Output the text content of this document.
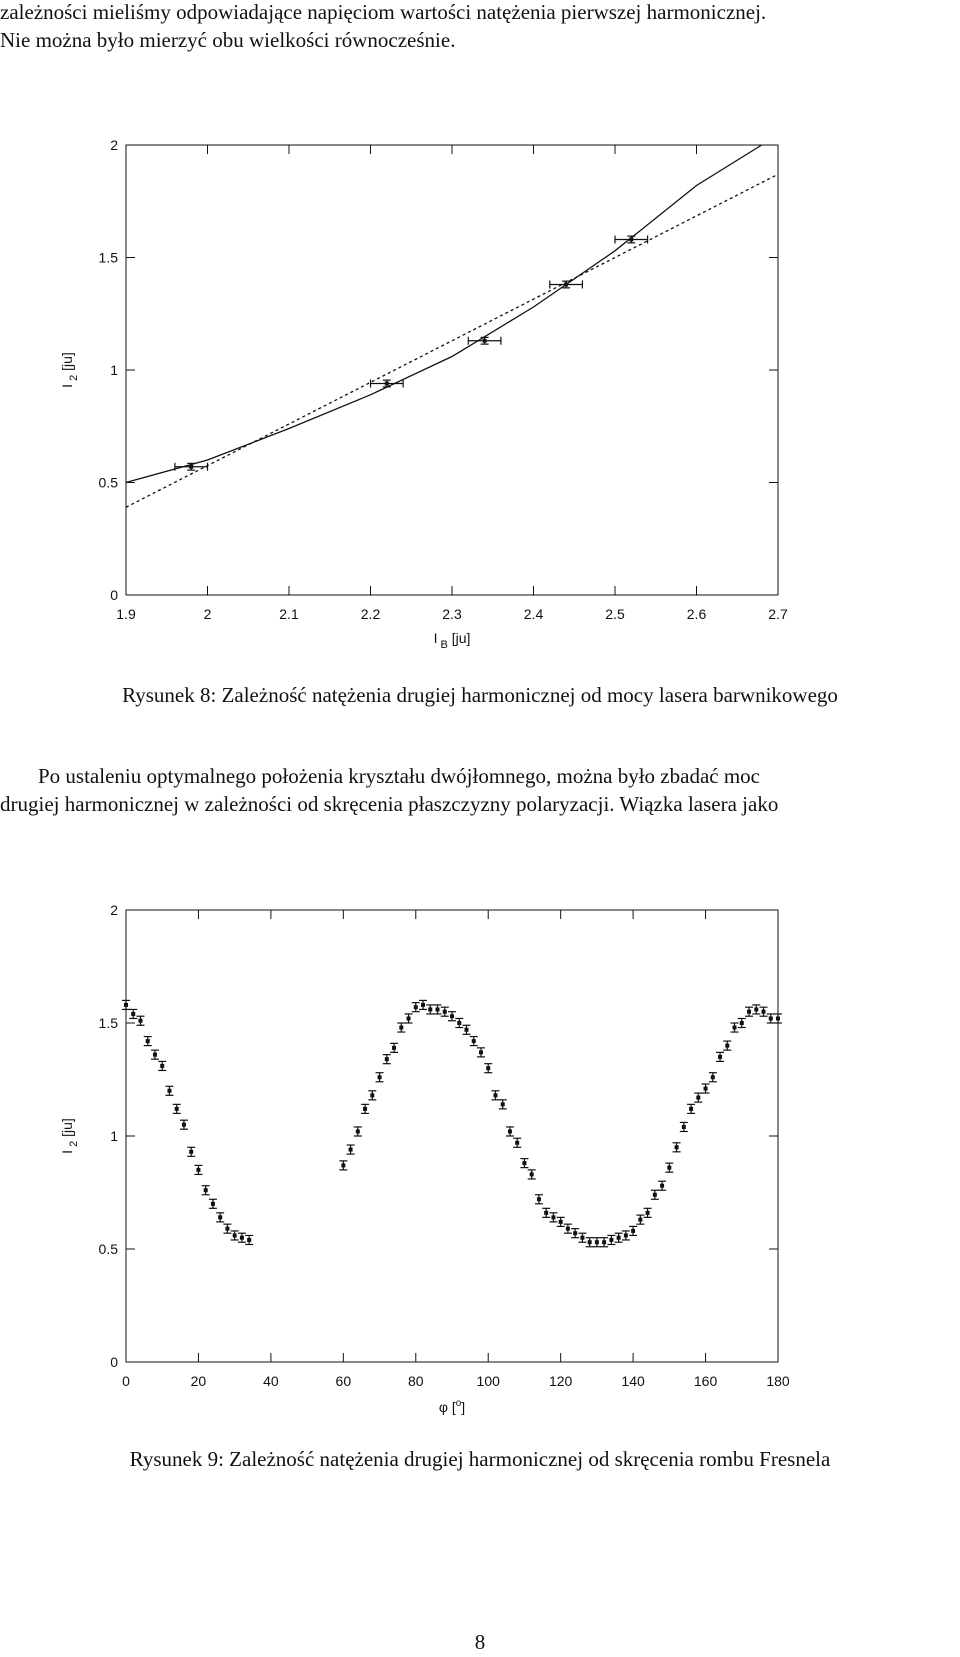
zależności mieliśmy odpowiadające napięciom wartości natężenia pierwszej harmonicznej.

Nie można było mierzyć obu wielkości równocześnie.

1.9	2	2.1	2.2	2.3	2.4	2.5	2.6	2.7
0
0.5
1
1.5
2
I $_2$ [ju]
I $_B$ [ju]

Rysunek 8: Zależność natężenia drugiej harmonicznej od mocy lasera barwnikowego

Po ustaleniu optymalnego położenia kryształu dwójłomnego, można było zbadać moc

drugiej harmonicznej w zależności od skręcenia płaszczyzny polaryzacji. Wiązka lasera jako

0	20	40	60	80	100	120	140	160	180
0
0.5
1
1.5
2
I $_2$ [ju]
φ [$^o$]

Rysunek 9: Zależność natężenia drugiej harmonicznej od skręcenia rombu Fresnela

8
